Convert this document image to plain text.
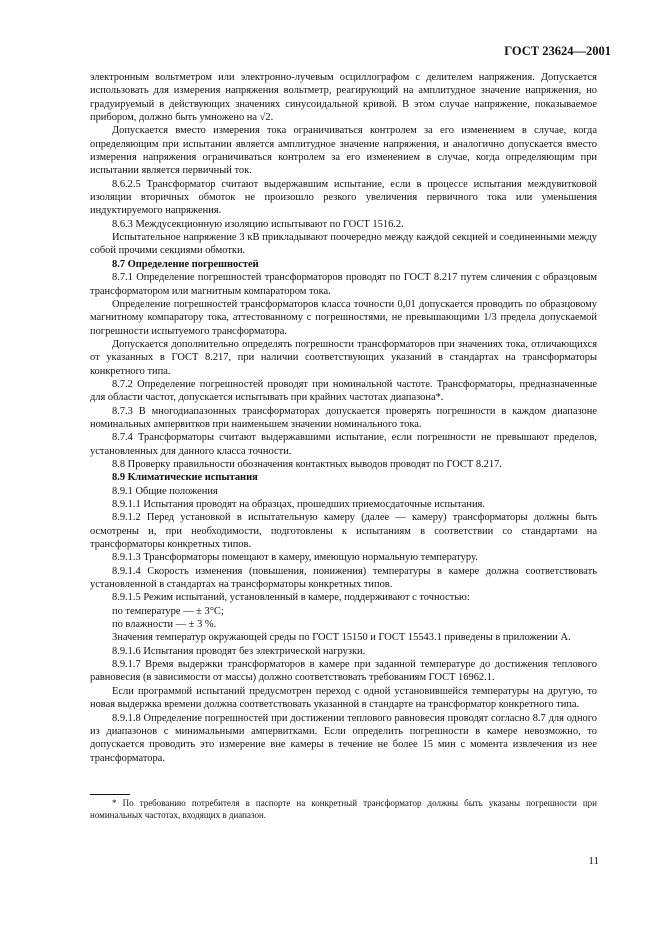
ГОСТ 23624—2001

электронным вольтметром или электронно-лучевым осциллографом с делителем напряжения. Допускается использовать для измерения напряжения вольтметр, реагирующий на амплитудное значение напряжения, но градуируемый в действующих значениях синусоидальной кривой. В этом случае напряжение, показываемое прибором, должно быть умножено на √2.

Допускается вместо измерения тока ограничиваться контролем за его изменением в случае, когда определяющим при испытании является амплитудное значение напряжения, и аналогично допускается вместо измерения напряжения ограничиваться контролем за его изменением в случае, когда определяющим при испытании является первичный ток.

8.6.2.5 Трансформатор считают выдержавшим испытание, если в процессе испытания междувитковой изоляции вторичных обмоток не произошло резкого увеличения первичного тока или уменьшения индуктируемого напряжения.

8.6.3 Междусекционную изоляцию испытывают по ГОСТ 1516.2.

Испытательное напряжение 3 кВ прикладывают поочередно между каждой секцией и соединенными между собой прочими секциями обмотки.

8.7 Определение погрешностей

8.7.1 Определение погрешностей трансформаторов проводят по ГОСТ 8.217 путем сличения с образцовым трансформатором или магнитным компаратором тока.

Определение погрешностей трансформаторов класса точности 0,01 допускается проводить по образцовому магнитному компаратору тока, аттестованному с погрешностями, не превышающими 1/3 предела допускаемой погрешности испытуемого трансформатора.

Допускается дополнительно определять погрешности трансформаторов при значениях тока, отличающихся от указанных в ГОСТ 8.217, при наличии соответствующих указаний в стандартах на трансформаторы конкретного типа.

8.7.2 Определение погрешностей проводят при номинальной частоте. Трансформаторы, предназначенные для области частот, допускается испытывать при крайних частотах диапазона*.

8.7.3 В многодиапазонных трансформаторах допускается проверять погрешности в каждом диапазоне номинальных ампервитков при наименьшем значении номинального тока.

8.7.4 Трансформаторы считают выдержавшими испытание, если погрешности не превышают пределов, установленных для данного класса точности.

8.8 Проверку правильности обозначения контактных выводов проводят по ГОСТ 8.217.

8.9 Климатические испытания

8.9.1 Общие положения

8.9.1.1 Испытания проводят на образцах, прошедших приемосдаточные испытания.

8.9.1.2 Перед установкой в испытательную камеру (далее — камеру) трансформаторы должны быть осмотрены и, при необходимости, подготовлены к испытаниям в соответствии со стандартами на трансформаторы конкретных типов.

8.9.1.3 Трансформаторы помещают в камеру, имеющую нормальную температуру.

8.9.1.4 Скорость изменения (повышения, понижения) температуры в камере должна соответствовать установленной в стандартах на трансформаторы конкретных типов.

8.9.1.5 Режим испытаний, установленный в камере, поддерживают с точностью:

по температуре — ± 3°С;

по влажности — ± 3 %.

Значения температур окружающей среды по ГОСТ 15150 и ГОСТ 15543.1 приведены в приложении А.

8.9.1.6 Испытания проводят без электрической нагрузки.

8.9.1.7 Время выдержки трансформаторов в камере при заданной температуре до достижения теплового равновесия (в зависимости от массы) должно соответствовать требованиям ГОСТ 16962.1.

Если программой испытаний предусмотрен переход с одной установившейся температуры на другую, то новая выдержка времени должна соответствовать указанной в стандарте на трансформатор конкретного типа.

8.9.1.8 Определение погрешностей при достижении теплового равновесия проводят согласно 8.7 для одного из диапазонов с минимальными ампервитками. Если определить погрешности в камере невозможно, то допускается проводить это измерение вне камеры в течение не более 15 мин с момента извлечения из нее трансформатора.

* По требованию потребителя в паспорте на конкретный трансформатор должны быть указаны погрешности при номинальных частотах, входящих в диапазон.
11
